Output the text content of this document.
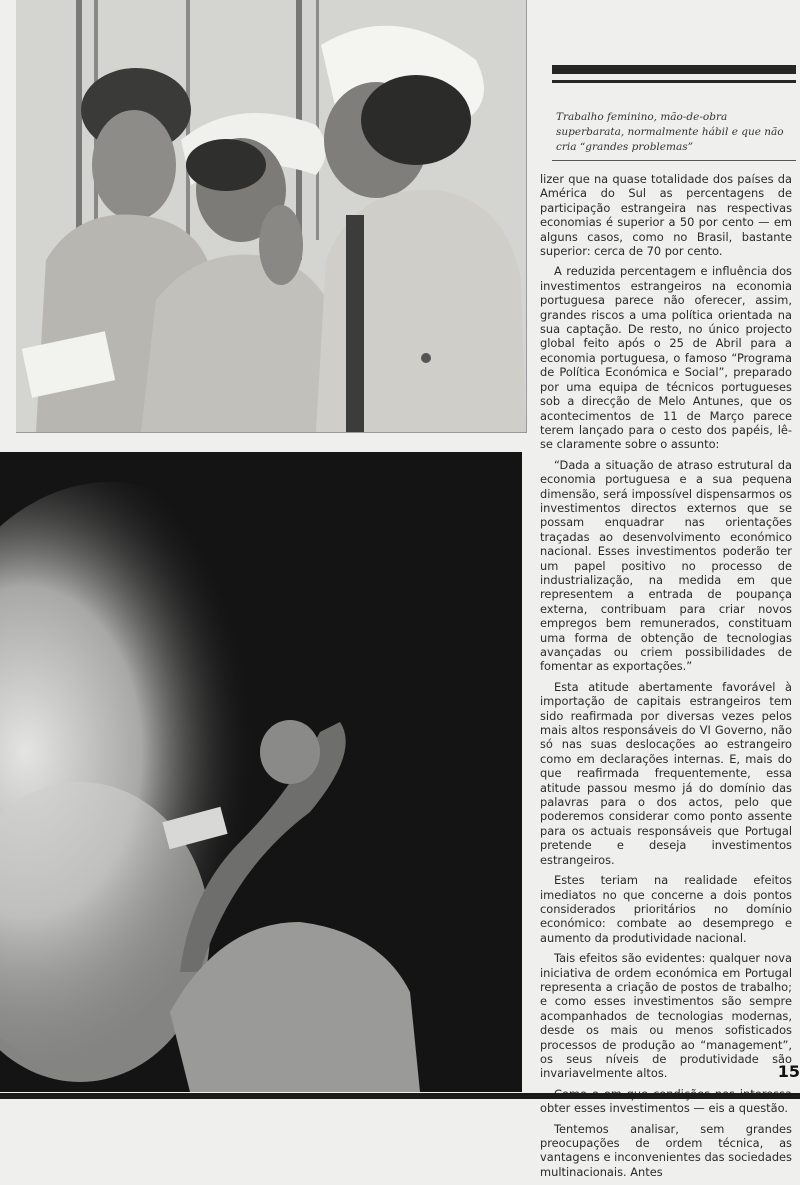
Trabalho feminino, mão-de-obra superbarata, normalmente hábil e que não cria “grandes problemas”

lizer que na quase totalidade dos países da América do Sul as percentagens de participação estrangeira nas respectivas economias é superior a 50 por cento — em alguns casos, como no Brasil, bastante superior: cerca de 70 por cento.

A reduzida percentagem e influência dos investimentos estrangeiros na economia portuguesa parece não oferecer, assim, grandes riscos a uma política orientada na sua captação. De resto, no único projecto global feito após o 25 de Abril para a economia portuguesa, o famoso “Programa de Política Económica e Social”, preparado por uma equipa de técnicos portugueses sob a direcção de Melo Antunes, que os acontecimentos de 11 de Março parece terem lançado para o cesto dos papéis, lê-se claramente sobre o assunto:

“Dada a situação de atraso estrutural da economia portuguesa e a sua pequena dimensão, será impossível dispensarmos os investimentos directos externos que se possam enquadrar nas orientações traçadas ao desenvolvimento económico nacional. Esses investimentos poderão ter um papel positivo no processo de industrialização, na medida em que representem a entrada de poupança externa, contribuam para criar novos empregos bem remunerados, constituam uma forma de obtenção de tecnologias avançadas ou criem possibilidades de fomentar as exportações.”

Esta atitude abertamente favorável à importação de capitais estrangeiros tem sido reafirmada por diversas vezes pelos mais altos responsáveis do VI Governo, não só nas suas deslocações ao estrangeiro como em declarações internas. E, mais do que reafirmada frequentemente, essa atitude passou mesmo já do domínio das palavras para o dos actos, pelo que poderemos considerar como ponto assente para os actuais responsáveis que Portugal pretende e deseja investimentos estrangeiros.

Estes teriam na realidade efeitos imediatos no que concerne a dois pontos considerados prioritários no domínio económico: combate ao desemprego e aumento da produtividade nacional.

Tais efeitos são evidentes: qualquer nova iniciativa de ordem económica em Portugal representa a criação de postos de trabalho; e como esses investimentos são sempre acompanhados de tecnologias modernas, desde os mais ou menos sofisticados processos de produção ao “management”, os seus níveis de produtividade são invariavelmente altos.

obter esses investimentos — eis a questão.

Tentemos analisar, sem grandes preocupações de ordem técnica, as vantagens e inconvenientes das sociedades multinacionais. Antes

15
